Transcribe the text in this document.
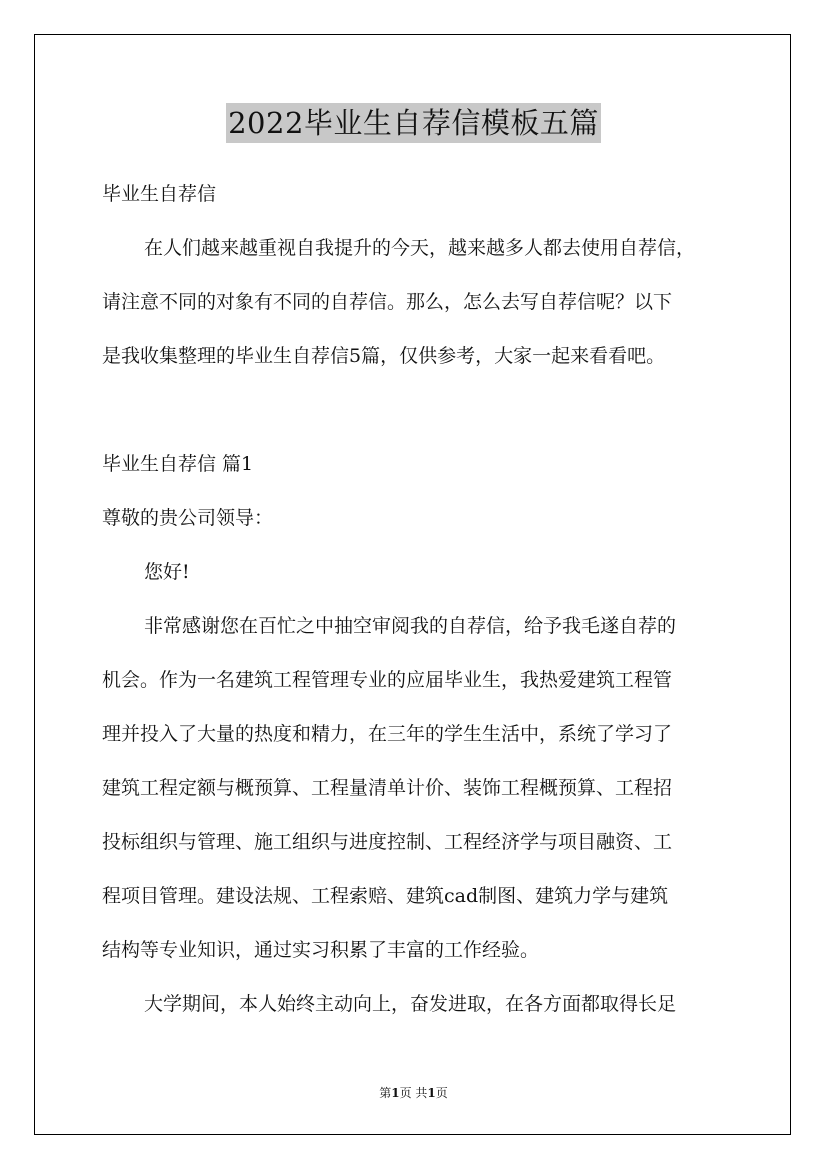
2022毕业生自荐信模板五篇
毕业生自荐信
在人们越来越重视自我提升的今天，越来越多人都去使用自荐信，
请注意不同的对象有不同的自荐信。那么，怎么去写自荐信呢？以下
是我收集整理的毕业生自荐信5篇，仅供参考，大家一起来看看吧。
毕业生自荐信 篇1
尊敬的贵公司领导：
您好!
非常感谢您在百忙之中抽空审阅我的自荐信，给予我毛遂自荐的
机会。作为一名建筑工程管理专业的应届毕业生，我热爱建筑工程管
理并投入了大量的热度和精力，在三年的学生生活中，系统了学习了
建筑工程定额与概预算、工程量清单计价、装饰工程概预算、工程招
投标组织与管理、施工组织与进度控制、工程经济学与项目融资、工
程项目管理。建设法规、工程索赔、建筑cad制图、建筑力学与建筑
结构等专业知识，通过实习积累了丰富的工作经验。
大学期间，本人始终主动向上，奋发进取，在各方面都取得长足
第1页 共1页
